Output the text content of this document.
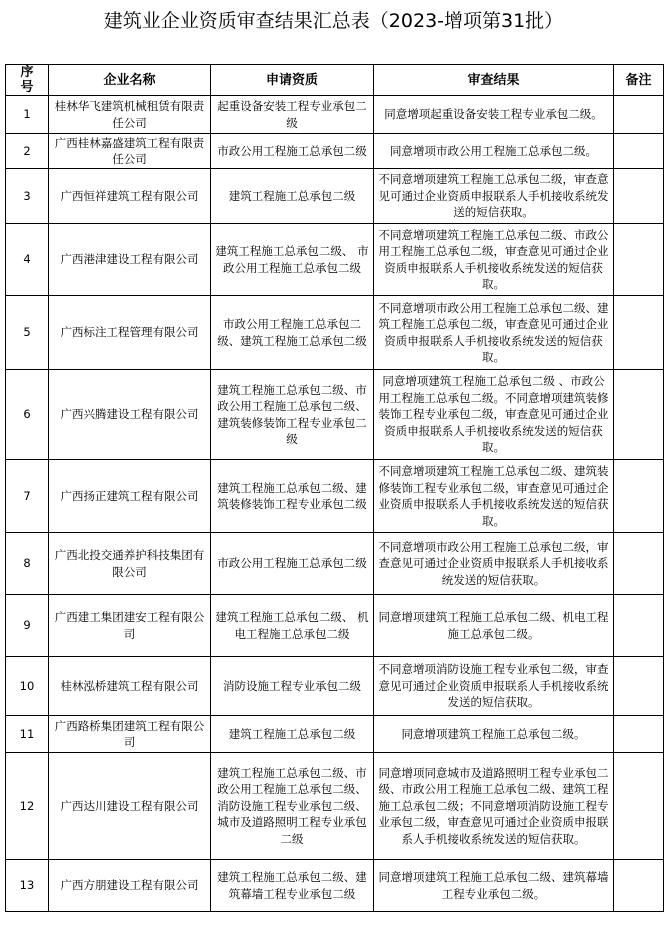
建筑业企业资质审查结果汇总表（2023-增项第31批）
序号	企业名称	申请资质	审查结果	备注
1	桂林华飞建筑机械租赁有限责任公司	起重设备安装工程专业承包二级	同意增项起重设备安装工程专业承包二级。	
2	广西桂林嘉盛建筑工程有限责任公司	市政公用工程施工总承包二级	同意增项市政公用工程施工总承包二级。	
3	广西恒祥建筑工程有限公司	建筑工程施工总承包二级	不同意增项建筑工程施工总承包二级，审查意见可通过企业资质申报联系人手机接收系统发送的短信获取。	
4	广西港津建设工程有限公司	建筑工程施工总承包二级、 市政公用工程施工总承包二级	不同意增项建筑工程施工总承包二级、市政公用工程施工总承包二级，审查意见可通过企业资质申报联系人手机接收系统发送的短信获取。	
5	广西标注工程管理有限公司	市政公用工程施工总承包二级、建筑工程施工总承包二级	不同意增项市政公用工程施工总承包二级、建筑工程施工总承包二级，审查意见可通过企业资质申报联系人手机接收系统发送的短信获取。	
6	广西兴腾建设工程有限公司	建筑工程施工总承包二级、市政公用工程施工总承包二级、建筑装修装饰工程专业承包二级	同意增项建筑工程施工总承包二级 、市政公用工程施工总承包二级。不同意增项建筑装修装饰工程专业承包二级，审查意见可通过企业资质申报联系人手机接收系统发送的短信获取。	
7	广西扬正建筑工程有限公司	建筑工程施工总承包二级、建筑装修装饰工程专业承包二级	不同意增项建筑工程施工总承包二级、建筑装修装饰工程专业承包二级，审查意见可通过企业资质申报联系人手机接收系统发送的短信获取。	
8	广西北投交通养护科技集团有限公司	市政公用工程施工总承包二级	不同意增项市政公用工程施工总承包二级，审查意见可通过企业资质申报联系人手机接收系统发送的短信获取。	
9	广西建工集团建安工程有限公司	建筑工程施工总承包二级、 机电工程施工总承包二级	同意增项建筑工程施工总承包二级、机电工程施工总承包二级。	
10	桂林泓桥建筑工程有限公司	消防设施工程专业承包二级	不同意增项消防设施工程专业承包二级，审查意见可通过企业资质申报联系人手机接收系统发送的短信获取。	
11	广西路桥集团建筑工程有限公司	建筑工程施工总承包二级	同意增项建筑工程施工总承包二级。	
12	广西达川建设工程有限公司	建筑工程施工总承包二级、市政公用工程施工总承包二级、消防设施工程专业承包二级、城市及道路照明工程专业承包二级	同意增项同意城市及道路照明工程专业承包二级、市政公用工程施工总承包二级、建筑工程施工总承包二级；不同意增项消防设施工程专业承包二级，审查意见可通过企业资质申报联系人手机接收系统发送的短信获取。	
13	广西方朋建设工程有限公司	建筑工程施工总承包二级、建筑幕墙工程专业承包二级	同意增项建筑工程施工总承包二级、建筑幕墙工程专业承包二级。	
